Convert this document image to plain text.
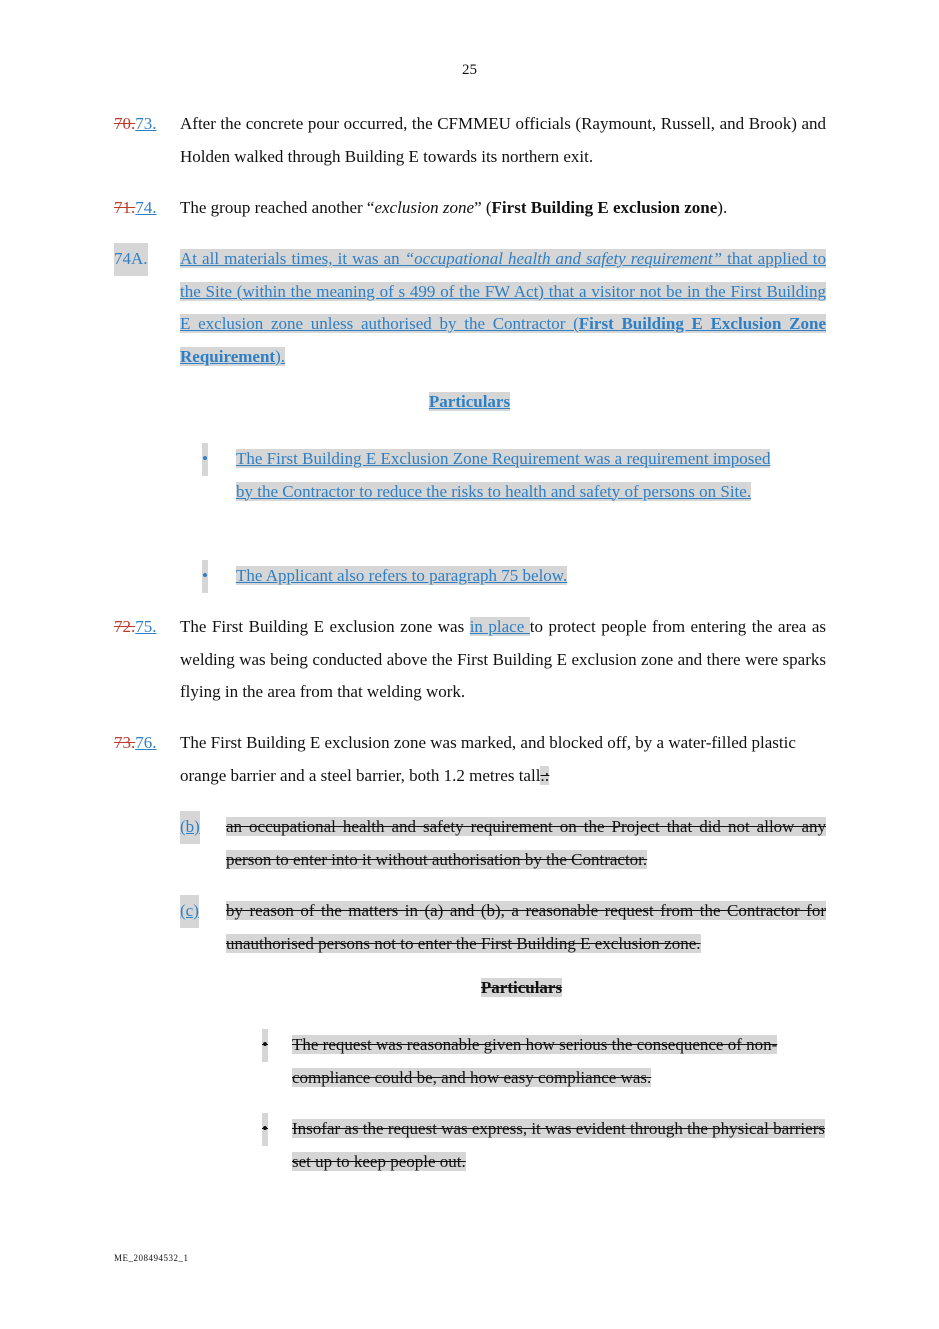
25
70.73. After the concrete pour occurred, the CFMMEU officials (Raymount, Russell, and Brook) and Holden walked through Building E towards its northern exit.
71.74. The group reached another “exclusion zone” (First Building E exclusion zone).
74A. At all materials times, it was an “occupational health and safety requirement” that applied to the Site (within the meaning of s 499 of the FW Act) that a visitor not be in the First Building E exclusion zone unless authorised by the Contractor (First Building E Exclusion Zone Requirement).
Particulars
• The First Building E Exclusion Zone Requirement was a requirement imposed by the Contractor to reduce the risks to health and safety of persons on Site.
• The Applicant also refers to paragraph 75 below.
72.75. The First Building E exclusion zone was in place to protect people from entering the area as welding was being conducted above the First Building E exclusion zone and there were sparks flying in the area from that welding work.
73.76. The First Building E exclusion zone was marked, and blocked off, by a water-filled plastic orange barrier and a steel barrier, both 1.2 metres tall.:
(b) an occupational health and safety requirement on the Project that did not allow any person to enter into it without authorisation by the Contractor.
(c) by reason of the matters in (a) and (b), a reasonable request from the Contractor for unauthorised persons not to enter the First Building E exclusion zone.
Particulars
• The request was reasonable given how serious the consequence of non-compliance could be, and how easy compliance was.
• Insofar as the request was express, it was evident through the physical barriers set up to keep people out.
ME_208494532_1
